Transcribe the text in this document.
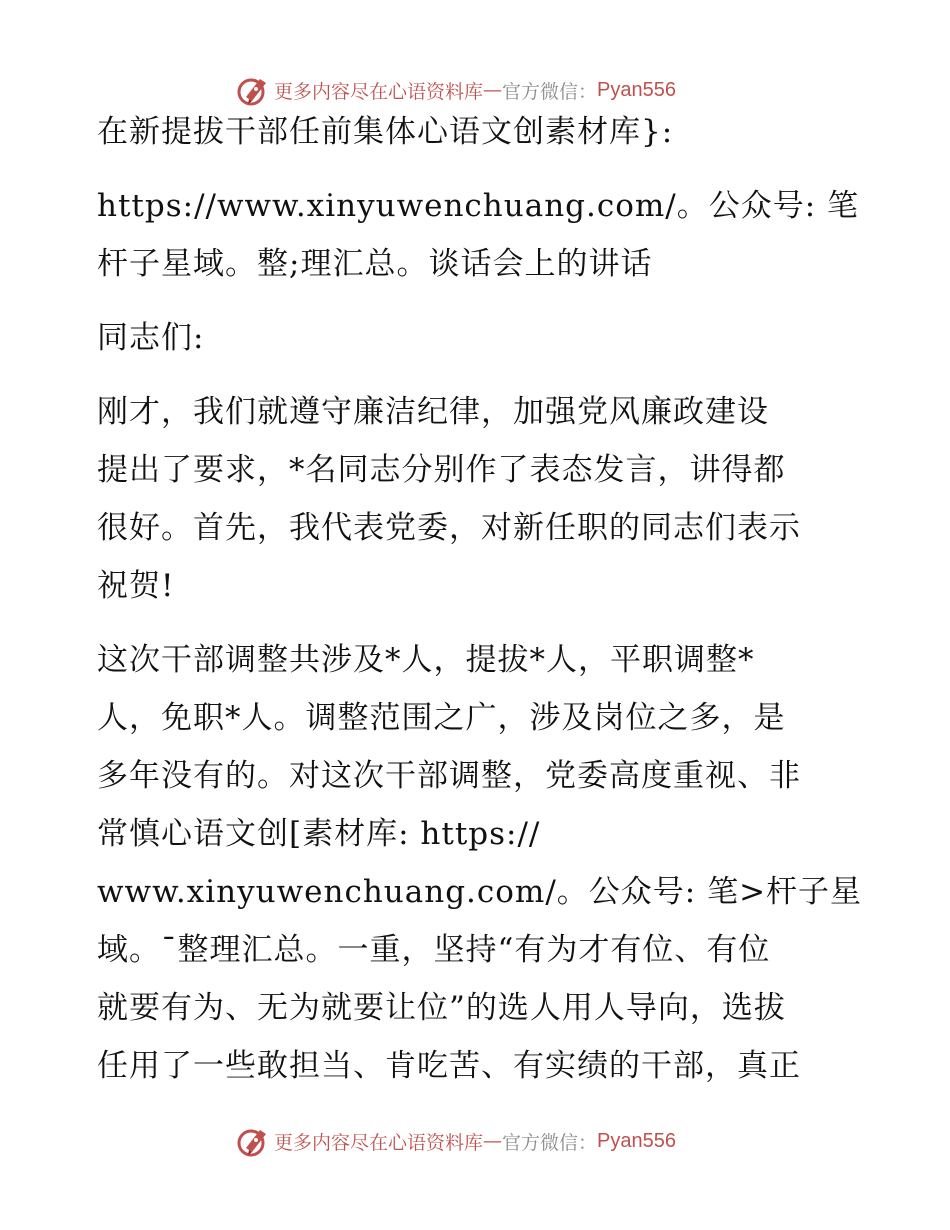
更多内容尽在心语资料库 — 官方微信： Pyan556
在新提拔干部任前集体心语文创素材库}:
https://www.xinyuwenchuang.com/。公众号: 笔
杆子星域。整;理汇总。谈话会上的讲话
同志们:
刚才，我们就遵守廉洁纪律，加强党风廉政建设
提出了要求，*名同志分别作了表态发言，讲得都
很好。首先，我代表党委，对新任职的同志们表示
祝贺!
这次干部调整共涉及*人，提拔*人，平职调整*
人，免职*人。调整范围之广，涉及岗位之多，是
多年没有的。对这次干部调整，党委高度重视、非
常慎心语文创[素材库: https://
www.xinyuwenchuang.com/。公众号: 笔>杆子星
域。¯整理汇总。一重，坚持“有为才有位、有位
就要有为、无为就要让位”的选人用人导向，选拔
任用了一些敢担当、肯吃苦、有实绩的干部，真正
更多内容尽在心语资料库 — 官方微信： Pyan556
